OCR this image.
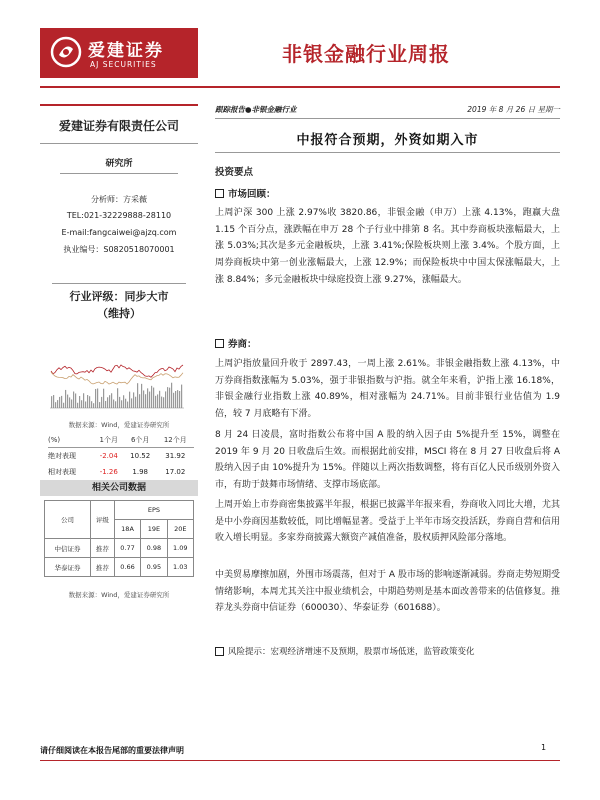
爱建证券
AJ SECURITIES	非银金融行业周报
爱建证券有限责任公司
研究所
分析师：方采薇
TEL:021-32229888-28110
E-mail:fangcaiwei@ajzq.com
执业编号：S0820518070001
行业评级：同步大市
（维持）
数据来源：Wind，爱建证券研究所
(%)	1个月	6个月	12个月
绝对表现	-2.04	10.52	31.92
相对表现	-1.26	1.98	17.02
相关公司数据
公司	评级	EPS		
		18A	19E	20E
中信证券	推荐	0.77	0.98	1.09
华泰证券	推荐	0.66	0.95	1.03
数据来源：Wind，爱建证券研究所
跟踪报告●非银金融行业	2019 年 8 月 26 日 星期一
中报符合预期，外资如期入市
投资要点
市场回顾：
上周沪深 300 上涨 2.97%收 3820.86，非银金融（申万）上涨 4.13%，跑赢大盘 1.15 个百分点，涨跌幅在申万 28 个子行业中排第 8 名。其中券商板块涨幅最大，上涨 5.03%;其次是多元金融板块，上涨 3.41%;保险板块则上涨 3.4%。个股方面，上周券商板块中第一创业涨幅最大，上涨 12.9%；而保险板块中中国太保涨幅最大，上涨 8.84%；多元金融板块中绿庭投资上涨 9.27%，涨幅最大。
券商：
上周沪指放量回升收于 2897.43，一周上涨 2.61%。非银金融指数上涨 4.13%，中万券商指数涨幅为 5.03%，强于非银指数与沪指。就全年来看，沪指上涨 16.18%，非银金融行业指数上涨 40.89%，相对涨幅为 24.71%。目前非银行业估值为 1.9 倍，较 7 月底略有下滑。
8 月 24 日凌晨，富时指数公布将中国 A 股的纳入因子由 5%提升至 15%，调整在 2019 年 9 月 20 日收盘后生效。而根据此前安排，MSCI 将在 8 月 27 日收盘后将 A 股纳入因子由 10%提升为 15%。伴随以上两次指数调整，将有百亿人民币级别外资入市，有助于鼓舞市场情绪、支撑市场底部。
上周开始上市券商密集披露半年报，根据已披露半年报来看，券商收入同比大增，尤其是中小券商因基数较低，同比增幅显著。受益于上半年市场交投活跃，券商自营和信用收入增长明显。多家券商披露大额资产减值准备，股权质押风险部分落地。
中美贸易摩擦加剧，外围市场震荡，但对于 A 股市场的影响逐渐减弱。券商走势短期受情绪影响，本周尤其关注中报业绩机会，中期趋势则是基本面改善带来的估值修复。推荐龙头券商中信证券（600030）、华泰证券（601688）。
风险提示：宏观经济增速不及预期，股票市场低迷，监管政策变化
请仔细阅读在本报告尾部的重要法律声明	1
